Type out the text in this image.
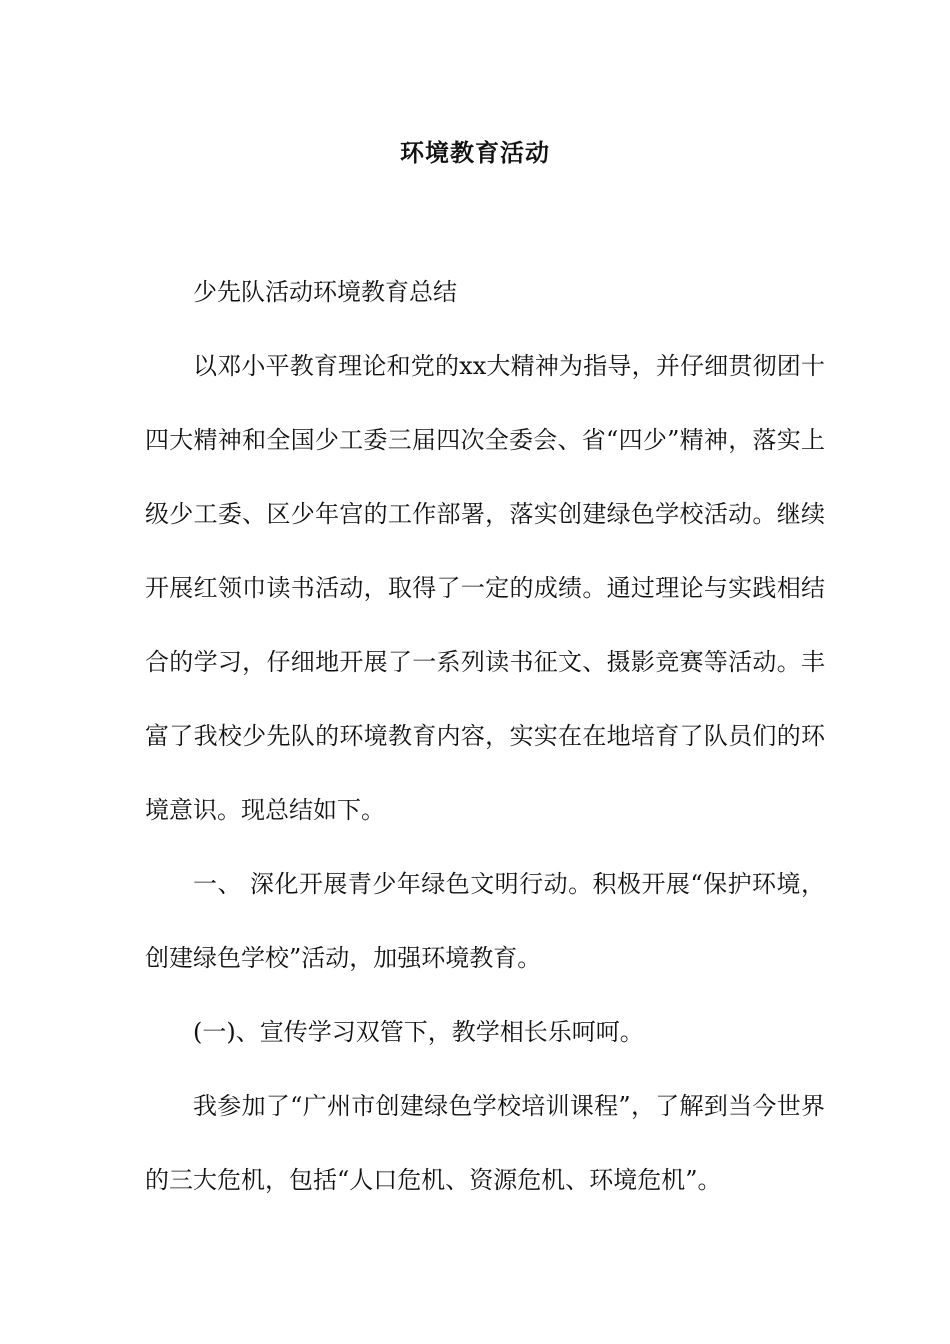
环境教育活动

少先队活动环境教育总结

以邓小平教育理论和党的xx大精神为指导，并仔细贯彻团十四大精神和全国少工委三届四次全委会、省“四少”精神，落实上级少工委、区少年宫的工作部署，落实创建绿色学校活动。继续开展红领巾读书活动，取得了一定的成绩。通过理论与实践相结合的学习，仔细地开展了一系列读书征文、摄影竞赛等活动。丰富了我校少先队的环境教育内容，实实在在地培育了队员们的环境意识。现总结如下。

一、 深化开展青少年绿色文明行动。积极开展“保护环境，创建绿色学校”活动，加强环境教育。

(一)、宣传学习双管下，教学相长乐呵呵。

我参加了“广州市创建绿色学校培训课程”，了解到当今世界的三大危机，包括“人口危机、资源危机、环境危机”。
